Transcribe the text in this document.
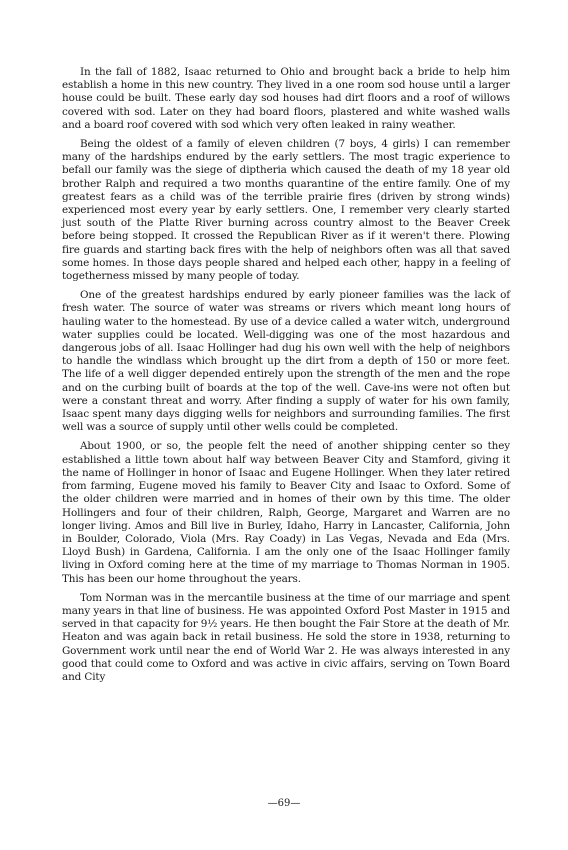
In the fall of 1882, Isaac returned to Ohio and brought back a bride to help him establish a home in this new country. They lived in a one room sod house until a larger house could be built. These early day sod houses had dirt floors and a roof of willows covered with sod. Later on they had board floors, plastered and white washed walls and a board roof covered with sod which very often leaked in rainy weather.

Being the oldest of a family of eleven children (7 boys, 4 girls) I can remember many of the hardships endured by the early settlers. The most tragic experience to befall our family was the siege of diptheria which caused the death of my 18 year old brother Ralph and required a two months quarantine of the entire family. One of my greatest fears as a child was of the terrible prairie fires (driven by strong winds) experienced most every year by early settlers. One, I remember very clearly started just south of the Platte River burning across country almost to the Beaver Creek before being stopped. It crossed the Republican River as if it weren't there. Plowing fire guards and starting back fires with the help of neighbors often was all that saved some homes. In those days people shared and helped each other, happy in a feeling of togetherness missed by many people of today.

One of the greatest hardships endured by early pioneer families was the lack of fresh water. The source of water was streams or rivers which meant long hours of hauling water to the homestead. By use of a device called a water witch, underground water supplies could be located. Well-digging was one of the most hazardous and dangerous jobs of all. Isaac Hollinger had dug his own well with the help of neighbors to handle the windlass which brought up the dirt from a depth of 150 or more feet. The life of a well digger depended entirely upon the strength of the men and the rope and on the curbing built of boards at the top of the well. Cave-ins were not often but were a constant threat and worry. After finding a supply of water for his own family, Isaac spent many days digging wells for neighbors and surrounding families. The first well was a source of supply until other wells could be completed.

About 1900, or so, the people felt the need of another shipping center so they established a little town about half way between Beaver City and Stamford, giving it the name of Hollinger in honor of Isaac and Eugene Hollinger. When they later retired from farming, Eugene moved his family to Beaver City and Isaac to Oxford. Some of the older children were married and in homes of their own by this time. The older Hollingers and four of their children, Ralph, George, Margaret and Warren are no longer living. Amos and Bill live in Burley, Idaho, Harry in Lancaster, California, John in Boulder, Colorado, Viola (Mrs. Ray Coady) in Las Vegas, Nevada and Eda (Mrs. Lloyd Bush) in Gardena, California. I am the only one of the Isaac Hollinger family living in Oxford coming here at the time of my marriage to Thomas Norman in 1905. This has been our home throughout the years.

Tom Norman was in the mercantile business at the time of our marriage and spent many years in that line of business. He was appointed Oxford Post Master in 1915 and served in that capacity for 9½ years. He then bought the Fair Store at the death of Mr. Heaton and was again back in retail business. He sold the store in 1938, returning to Government work until near the end of World War 2. He was always interested in any good that could come to Oxford and was active in civic affairs, serving on Town Board and City

—69—
